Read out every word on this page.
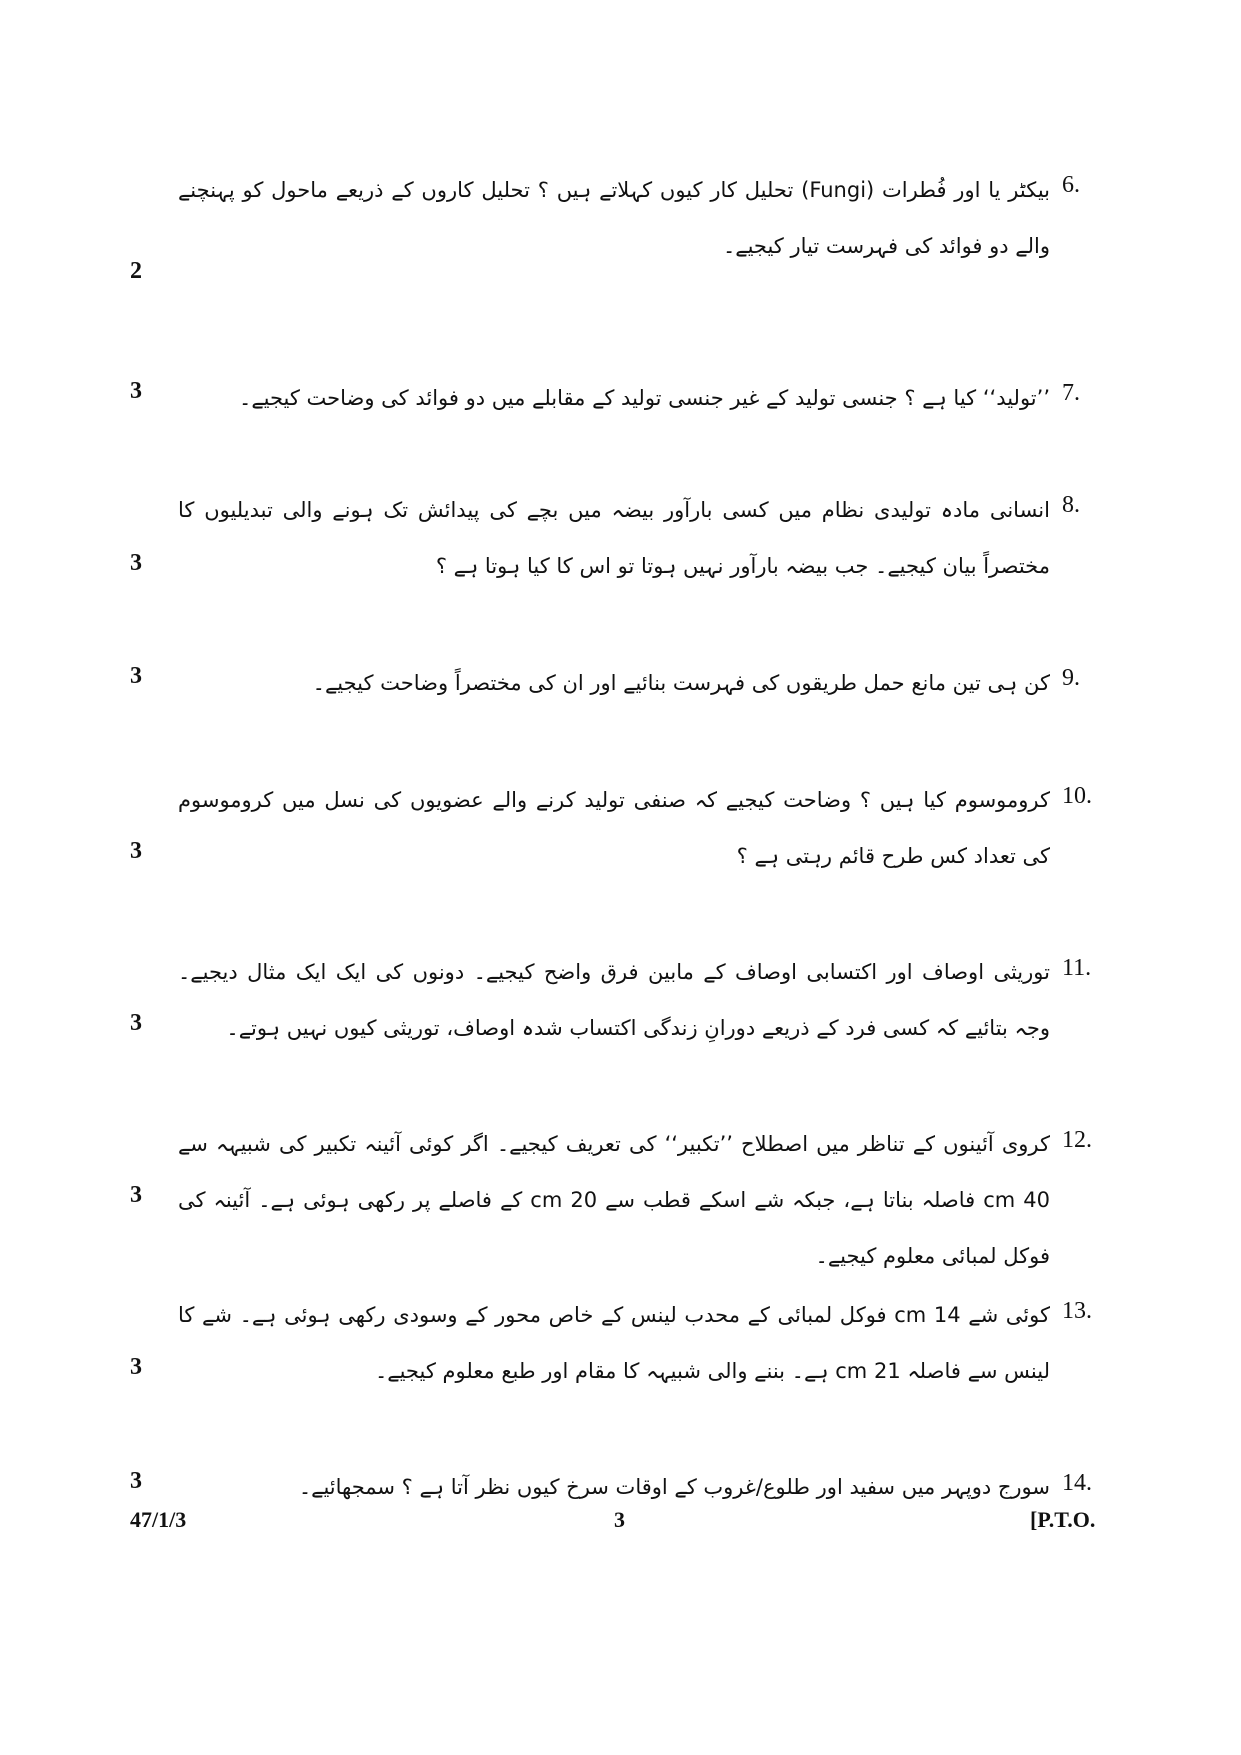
6.
بیکٹر یا اور فُطرات (Fungi) تحلیل کار کیوں کہلاتے ہیں ؟ تحلیل کاروں کے ذریعے ماحول کو پہنچنے والے دو فوائد کی فہرست تیار کیجیے۔
2
7.
’’تولید‘‘ کیا ہے ؟ جنسی تولید کے غیر جنسی تولید کے مقابلے میں دو فوائد کی وضاحت کیجیے۔
3
8.
انسانی مادہ تولیدی نظام میں کسی بارآور بیضہ میں بچے کی پیدائش تک ہونے والی تبدیلیوں کا مختصراً بیان کیجیے۔ جب بیضہ بارآور نہیں ہوتا تو اس کا کیا ہوتا ہے ؟
3
9.
کن ہی تین مانع حمل طریقوں کی فہرست بنائیے اور ان کی مختصراً وضاحت کیجیے۔
3
10.
کروموسوم کیا ہیں ؟ وضاحت کیجیے کہ صنفی تولید کرنے والے عضویوں کی نسل میں کروموسوم کی تعداد کس طرح قائم رہتی ہے ؟
3
11.
توریثی اوصاف اور اکتسابی اوصاف کے مابین فرق واضح کیجیے۔ دونوں کی ایک ایک مثال دیجیے۔ وجہ بتائیے کہ کسی فرد کے ذریعے دورانِ زندگی اکتساب شدہ اوصاف، توریثی کیوں نہیں ہوتے۔
3
12.
کروی آئینوں کے تناظر میں اصطلاح ’’تکبیر‘‘ کی تعریف کیجیے۔ اگر کوئی آئینہ تکبیر کی شبیہہ سے 40 cm فاصلہ بناتا ہے، جبکہ شے اسکے قطب سے 20 cm کے فاصلے پر رکھی ہوئی ہے۔ آئینہ کی فوکل لمبائی معلوم کیجیے۔
3
13.
کوئی شے 14 cm فوکل لمبائی کے محدب لینس کے خاص محور کے وسودی رکھی ہوئی ہے۔ شے کا لینس سے فاصلہ 21 cm ہے۔ بننے والی شبیہہ کا مقام اور طبع معلوم کیجیے۔
3
14.
سورج دوپہر میں سفید اور طلوع/غروب کے اوقات سرخ کیوں نظر آتا ہے ؟ سمجھائیے۔
3
47/1/3	3	[P.T.O.
